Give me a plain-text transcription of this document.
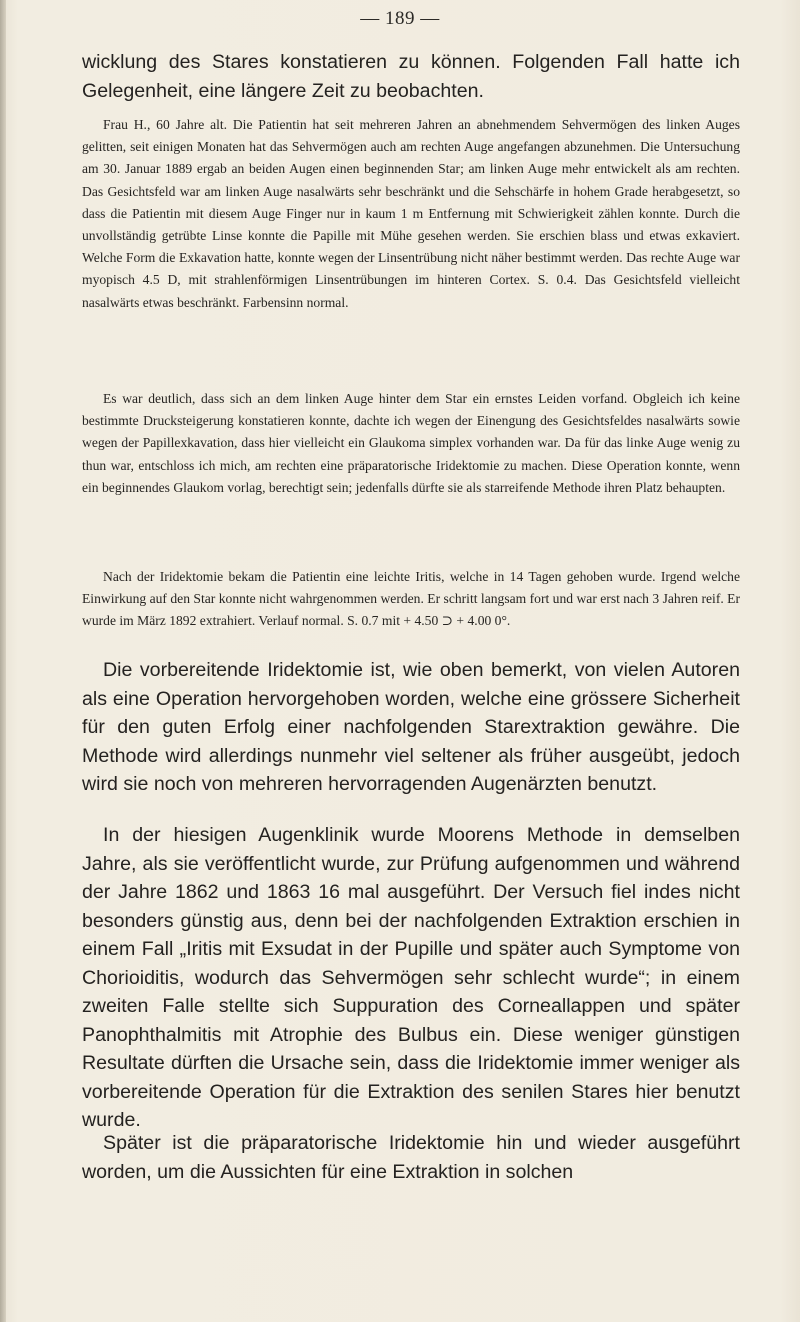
— 189 —

wicklung des Stares konstatieren zu können. Folgenden Fall hatte ich Gelegenheit, eine längere Zeit zu beobachten.

Frau H., 60 Jahre alt. Die Patientin hat seit mehreren Jahren an abnehmendem Sehvermögen des linken Auges gelitten, seit einigen Monaten hat das Sehvermögen auch am rechten Auge angefangen abzunehmen. Die Untersuchung am 30. Januar 1889 ergab an beiden Augen einen beginnenden Star; am linken Auge mehr entwickelt als am rechten. Das Gesichtsfeld war am linken Auge nasalwärts sehr beschränkt und die Sehschärfe in hohem Grade herabgesetzt, so dass die Patientin mit diesem Auge Finger nur in kaum 1 m Entfernung mit Schwierigkeit zählen konnte. Durch die unvollständig getrübte Linse konnte die Papille mit Mühe gesehen werden. Sie erschien blass und etwas exkaviert. Welche Form die Exkavation hatte, konnte wegen der Linsentrübung nicht näher bestimmt werden. Das rechte Auge war myopisch 4.5 D, mit strahlenförmigen Linsentrübungen im hinteren Cortex. S. 0.4. Das Gesichtsfeld vielleicht nasalwärts etwas beschränkt. Farbensinn normal.

Es war deutlich, dass sich an dem linken Auge hinter dem Star ein ernstes Leiden vorfand. Obgleich ich keine bestimmte Drucksteigerung konstatieren konnte, dachte ich wegen der Einengung des Gesichtsfeldes nasalwärts sowie wegen der Papillexkavation, dass hier vielleicht ein Glaukoma simplex vorhanden war. Da für das linke Auge wenig zu thun war, entschloss ich mich, am rechten eine präparatorische Iridektomie zu machen. Diese Operation konnte, wenn ein beginnendes Glaukom vorlag, berechtigt sein; jedenfalls dürfte sie als starreifende Methode ihren Platz behaupten.

Nach der Iridektomie bekam die Patientin eine leichte Iritis, welche in 14 Tagen gehoben wurde. Irgend welche Einwirkung auf den Star konnte nicht wahrgenommen werden. Er schritt langsam fort und war erst nach 3 Jahren reif. Er wurde im März 1892 extrahiert. Verlauf normal. S. 0.7 mit + 4.50 ⊃ + 4.00 0°.

Die vorbereitende Iridektomie ist, wie oben bemerkt, von vielen Autoren als eine Operation hervorgehoben worden, welche eine grössere Sicherheit für den guten Erfolg einer nachfolgenden Starextraktion gewähre. Die Methode wird allerdings nunmehr viel seltener als früher ausgeübt, jedoch wird sie noch von mehreren hervorragenden Augenärzten benutzt.

In der hiesigen Augenklinik wurde Moorens Methode in demselben Jahre, als sie veröffentlicht wurde, zur Prüfung aufgenommen und während der Jahre 1862 und 1863 16 mal ausgeführt. Der Versuch fiel indes nicht besonders günstig aus, denn bei der nachfolgenden Extraktion erschien in einem Fall „Iritis mit Exsudat in der Pupille und später auch Symptome von Chorioiditis, wodurch das Sehvermögen sehr schlecht wurde“; in einem zweiten Falle stellte sich Suppuration des Corneallappen und später Panophthalmitis mit Atrophie des Bulbus ein. Diese weniger günstigen Resultate dürften die Ursache sein, dass die Iridektomie immer weniger als vorbereitende Operation für die Extraktion des senilen Stares hier benutzt wurde.

Später ist die präparatorische Iridektomie hin und wieder ausgeführt worden, um die Aussichten für eine Extraktion in solchen
